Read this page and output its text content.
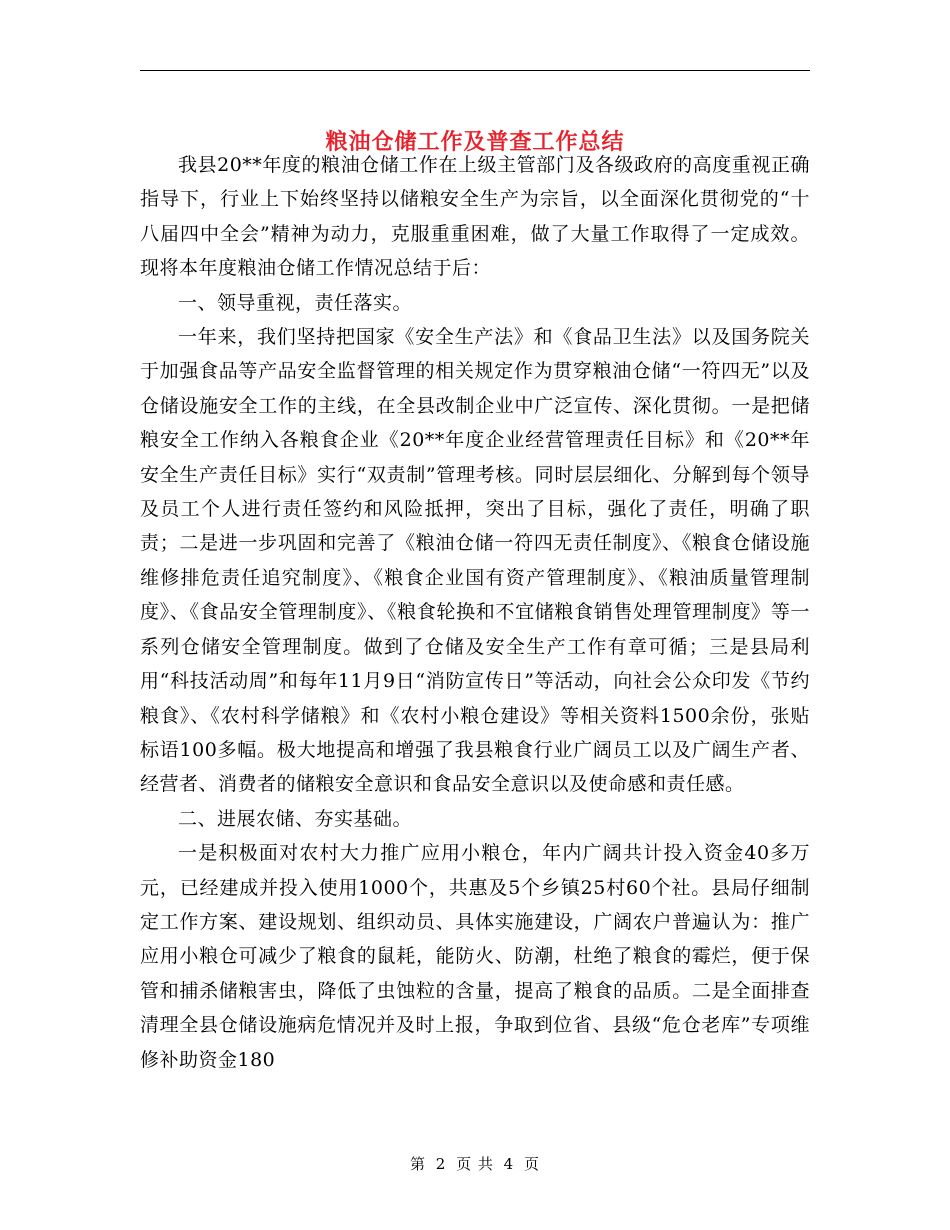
粮油仓储工作及普查工作总结

我县20**年度的粮油仓储工作在上级主管部门及各级政府的高度重视正确指导下，行业上下始终坚持以储粮安全生产为宗旨，以全面深化贯彻党的“十八届四中全会”精神为动力，克服重重困难，做了大量工作取得了一定成效。现将本年度粮油仓储工作情况总结于后：

一、领导重视，责任落实。

一年来，我们坚持把国家《安全生产法》和《食品卫生法》以及国务院关于加强食品等产品安全监督管理的相关规定作为贯穿粮油仓储“一符四无”以及仓储设施安全工作的主线，在全县改制企业中广泛宣传、深化贯彻。一是把储粮安全工作纳入各粮食企业《20**年度企业经营管理责任目标》和《20**年安全生产责任目标》实行“双责制”管理考核。同时层层细化、分解到每个领导及员工个人进行责任签约和风险抵押，突出了目标，强化了责任，明确了职责；二是进一步巩固和完善了《粮油仓储一符四无责任制度》、《粮食仓储设施维修排危责任追究制度》、《粮食企业国有资产管理制度》、《粮油质量管理制度》、《食品安全管理制度》、《粮食轮换和不宜储粮食销售处理管理制度》等一系列仓储安全管理制度。做到了仓储及安全生产工作有章可循；三是县局利用“科技活动周”和每年11月9日“消防宣传日”等活动，向社会公众印发《节约粮食》、《农村科学储粮》和《农村小粮仓建设》等相关资料1500余份，张贴标语100多幅。极大地提高和增强了我县粮食行业广阔员工以及广阔生产者、经营者、消费者的储粮安全意识和食品安全意识以及使命感和责任感。

二、进展农储、夯实基础。

一是积极面对农村大力推广应用小粮仓，年内广阔共计投入资金40多万元，已经建成并投入使用1000个，共惠及5个乡镇25村60个社。县局仔细制定工作方案、建设规划、组织动员、具体实施建设，广阔农户普遍认为：推广应用小粮仓可减少了粮食的鼠耗，能防火、防潮，杜绝了粮食的霉烂，便于保管和捕杀储粮害虫，降低了虫蚀粒的含量，提高了粮食的品质。二是全面排查清理全县仓储设施病危情况并及时上报，争取到位省、县级“危仓老库”专项维修补助资金180

第 2 页 共 4 页
